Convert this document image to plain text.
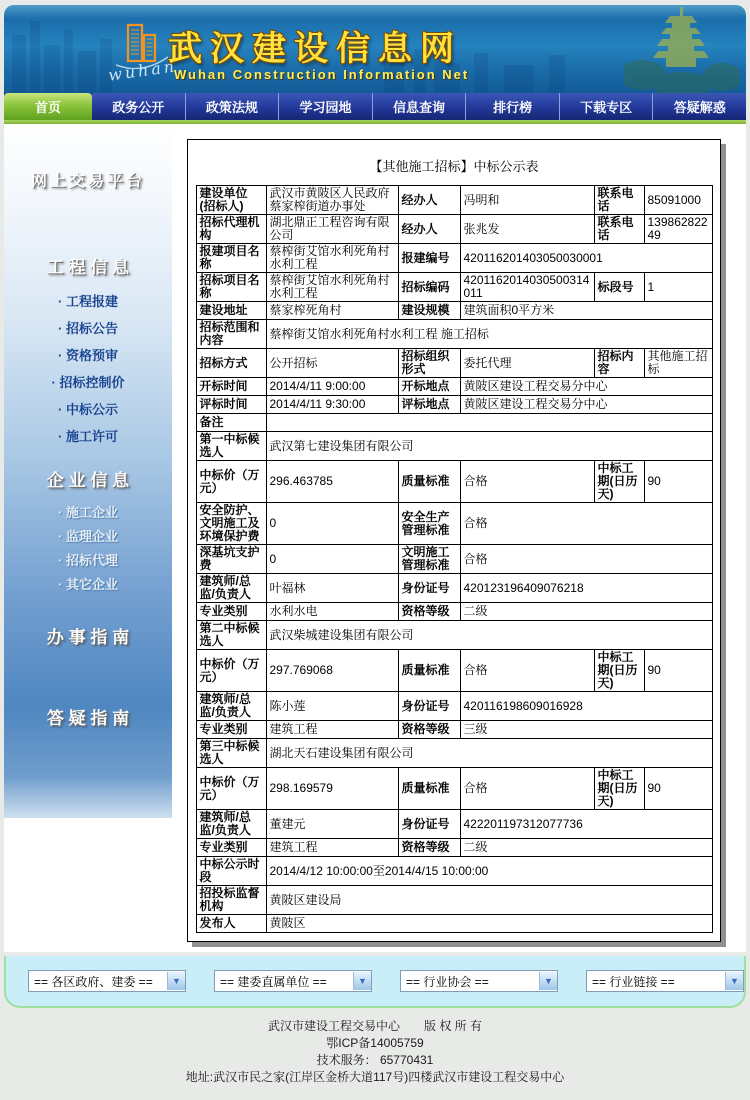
wuhan
武汉建设信息网
Wuhan Construction Information Net
首页	政务公开	政策法规	学习园地	信息查询	排行榜	下载专区	答疑解惑
网上交易平台
工 程 信 息
· 工程报建
· 招标公告
· 资格预审
· 招标控制价
· 中标公示
· 施工许可
企 业 信 息
· 施工企业
· 监理企业
· 招标代理
· 其它企业
办 事 指 南
答 疑 指 南
【其他施工招标】中标公示表
建设单位 (招标人)	武汉市黄陂区人民政府蔡家榨街道办事处	经办人	冯明和	联系电话	85091000
招标代理机构	湖北鼎正工程咨询有限公司	经办人	张兆发	联系电话	13986282249
报建项目名称	蔡榨街艾馆水利死角村水利工程	报建编号	420116201403050030001		
招标项目名称	蔡榨街艾馆水利死角村水利工程	招标编码	4201162014030500314011	标段号	1
建设地址	蔡家榨死角村	建设规模	建筑面积0平方米		
招标范围和内容	蔡榨街艾馆水利死角村水利工程 施工招标				
招标方式	公开招标	招标组织形式	委托代理	招标内容	其他施工招标
开标时间	2014/4/11 9:00:00	开标地点	黄陂区建设工程交易分中心		
评标时间	2014/4/11 9:30:00	评标地点	黄陂区建设工程交易分中心		
备注					
第一中标候选人	武汉第七建设集团有限公司				
中标价（万元）	296.463785	质量标准	合格	中标工期(日历天)	90
安全防护、文明施工及环境保护费	0	安全生产管理标准	合格		
深基坑支护费	0	文明施工管理标准	合格		
建筑师/总监/负责人	叶福林	身份证号	420123196409076218		
专业类别	水利水电	资格等级	二级		
第二中标候选人	武汉柴城建设集团有限公司				
中标价（万元）	297.769068	质量标准	合格	中标工期(日历天)	90
建筑师/总监/负责人	陈小莲	身份证号	420116198609016928		
专业类别	建筑工程	资格等级	三级		
第三中标候选人	湖北天石建设集团有限公司				
中标价（万元）	298.169579	质量标准	合格	中标工期(日历天)	90
建筑师/总监/负责人	董建元	身份证号	422201197312077736		
专业类别	建筑工程	资格等级	二级		
中标公示时段	2014/4/12 10:00:00至2014/4/15 10:00:00				
招投标监督机构	黄陂区建设局				
发布人	黄陂区				
== 各区政府、建委 ==	▼	== 建委直属单位 ==	▼	== 行业协会 ==	▼	== 行业链接 ==	▼
武汉市建设工程交易中心　　版 权 所 有
鄂ICP备14005759
技术服务： 65770431
地址:武汉市民之家(江岸区金桥大道117号)四楼武汉市建设工程交易中心
